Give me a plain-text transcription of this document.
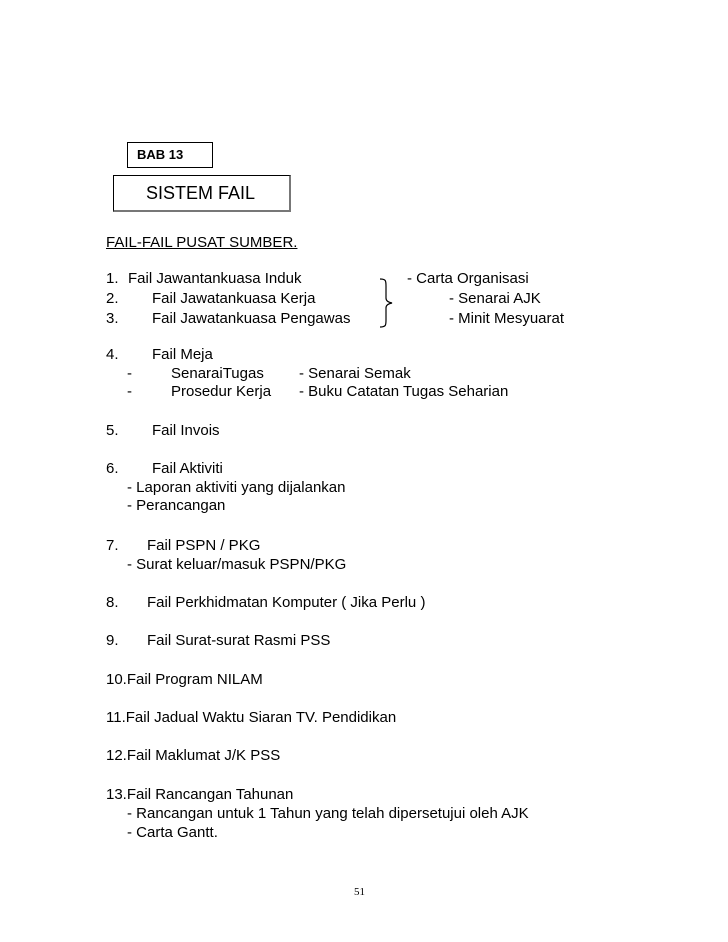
BAB 13
SISTEM FAIL
FAIL-FAIL PUSAT SUMBER.
1. Fail Jawantankuasa Induk	- Carta Organisasi
2. Fail Jawatankuasa Kerja	- Senarai AJK
3. Fail Jawatankuasa Pengawas	- Minit Mesyuarat
4. Fail Meja
-	SenaraiTugas - Senarai Semak
-	Prosedur Kerja - Buku Catatan Tugas Seharian
5. Fail Invois
6. Fail Aktiviti
- Laporan aktiviti yang dijalankan
- Perancangan
7. Fail PSPN / PKG
- Surat keluar/masuk PSPN/PKG
8. Fail Perkhidmatan Komputer ( Jika Perlu )
9. Fail Surat-surat Rasmi PSS
10.Fail Program NILAM
11.Fail Jadual Waktu Siaran TV. Pendidikan
12.Fail Maklumat J/K PSS
13.Fail Rancangan Tahunan
- Rancangan untuk 1 Tahun yang telah dipersetujui oleh AJK
- Carta Gantt.
51
